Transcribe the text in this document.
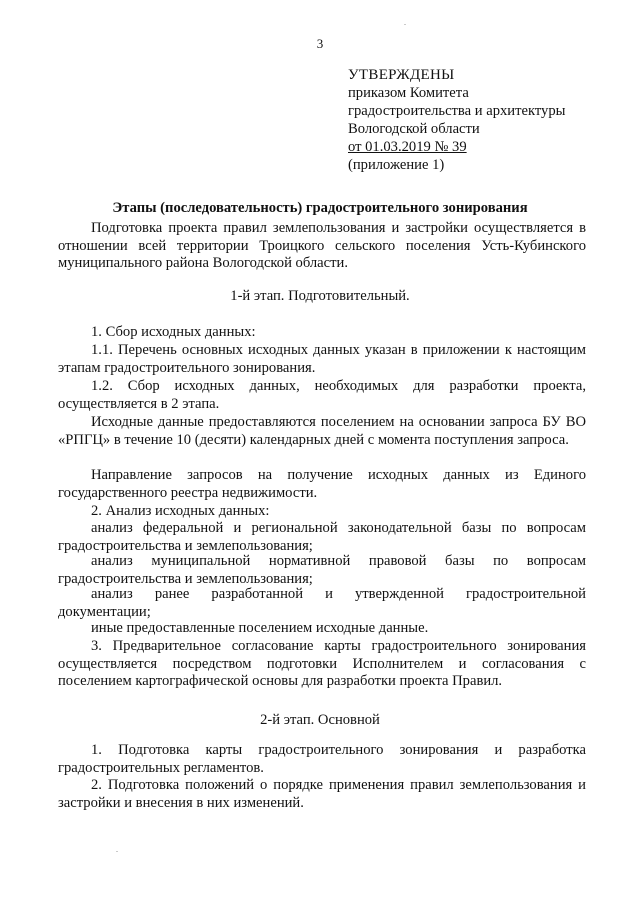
3
УТВЕРЖДЕНЫ
приказом Комитета
градостроительства и архитектуры
Вологодской области
от 01.03.2019 № 39
(приложение 1)
Этапы (последовательность) градостроительного зонирования
Подготовка проекта правил землепользования и застройки осуществляется в отношении всей территории Троицкого сельского поселения Усть-Кубинского муниципального района Вологодской области.
1-й этап. Подготовительный.
1. Сбор исходных данных:
1.1. Перечень основных исходных данных указан в приложении к настоящим этапам градостроительного зонирования.
1.2. Сбор исходных данных, необходимых для разработки проекта, осуществляется в 2 этапа.
Исходные данные предоставляются поселением на основании запроса БУ ВО «РПГЦ» в течение 10 (десяти) календарных дней с момента поступления запроса.
Направление запросов на получение исходных данных из Единого государственного реестра недвижимости.
2. Анализ исходных данных:
анализ федеральной и региональной законодательной базы по вопросам градостроительства и землепользования;
анализ муниципальной нормативной правовой базы по вопросам градостроительства и землепользования;
анализ ранее разработанной и утвержденной градостроительной документации;
иные предоставленные поселением исходные данные.
3. Предварительное согласование карты градостроительного зонирования осуществляется посредством подготовки Исполнителем и согласования с поселением картографической основы для разработки проекта Правил.
2-й этап. Основной
1. Подготовка карты градостроительного зонирования и разработка градостроительных регламентов.
2. Подготовка положений о порядке применения правил землепользования и застройки и внесения в них изменений.
.
.
